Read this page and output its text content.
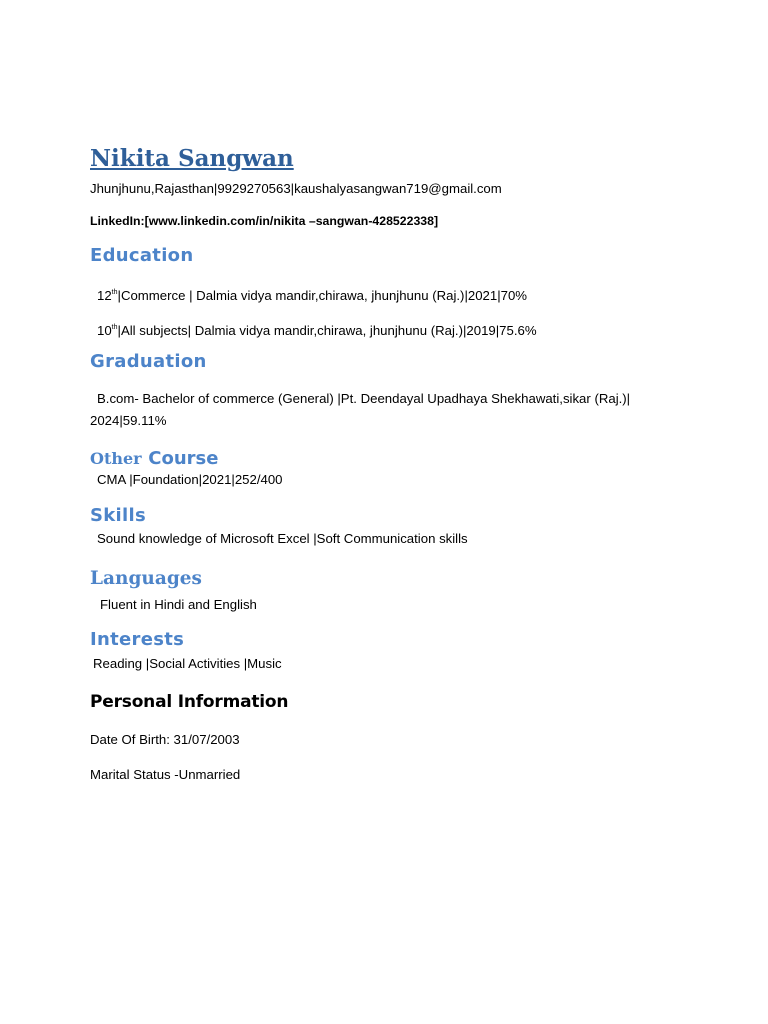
Nikita Sangwan
Jhunjhunu,Rajasthan|9929270563|kaushalyasangwan719@gmail.com
LinkedIn:[www.linkedin.com/in/nikita –sangwan-428522338]
Education

12th|Commerce | Dalmia vidya mandir,chirawa, jhunjhunu (Raj.)|2021|70%

10th|All subjects| Dalmia vidya mandir,chirawa, jhunjhunu (Raj.)|2019|75.6%

Graduation

B.com- Bachelor of commerce (General) |Pt. Deendayal Upadhaya Shekhawati,sikar (Raj.)|

2024|59.11%

Other Course

CMA |Foundation|2021|252/400

Skills

Sound knowledge of Microsoft Excel |Soft Communication skills

Languages

Fluent in Hindi and English

Interests

Reading |Social Activities |Music

Personal Information

Date Of Birth: 31/07/2003

Marital Status -Unmarried
